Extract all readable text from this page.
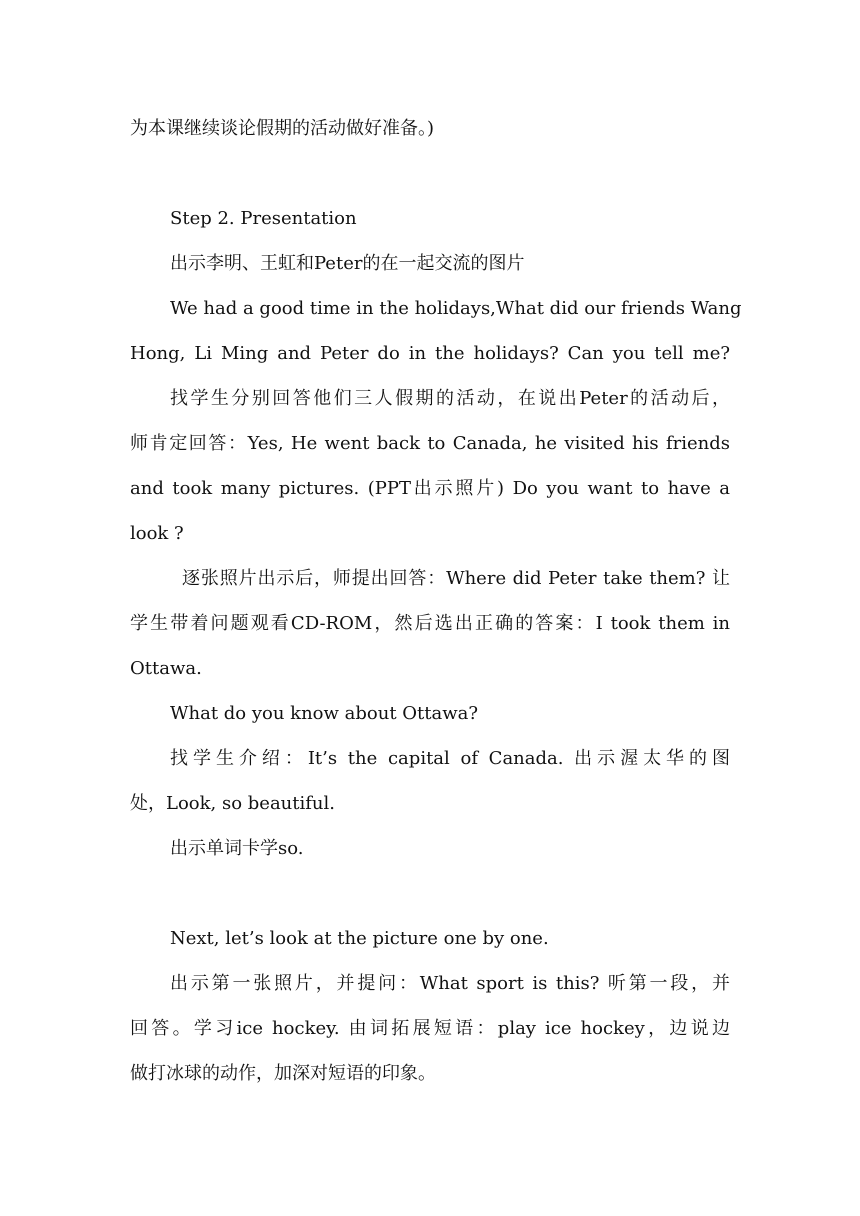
为本课继续谈论假期的活动做好准备。)
Step 2. Presentation
出示李明、王虹和Peter的在一起交流的图片
We had a good time in the holidays,What did our friends Wang
Hong, Li Ming and Peter do in the holidays? Can you tell me?
找学生分别回答他们三人假期的活动，在说出Peter的活动后，
师肯定回答：Yes, He went back to Canada, he visited his friends
and took many pictures. (PPT出示照片) Do you want to have a
look ?
逐张照片出示后，师提出回答：Where did Peter take them? 让
学生带着问题观看CD-ROM，然后选出正确的答案：I took them in
Ottawa.
What do you know about Ottawa?
找学生介绍：It’s the capital of Canada. 出示渥太华的图
处，Look, so beautiful.
出示单词卡学so.
Next, let’s look at the picture one by one.
出示第一张照片，并提问：What sport is this? 听第一段，并
回答。学习ice hockey. 由词拓展短语：play ice hockey，边说边
做打冰球的动作，加深对短语的印象。
